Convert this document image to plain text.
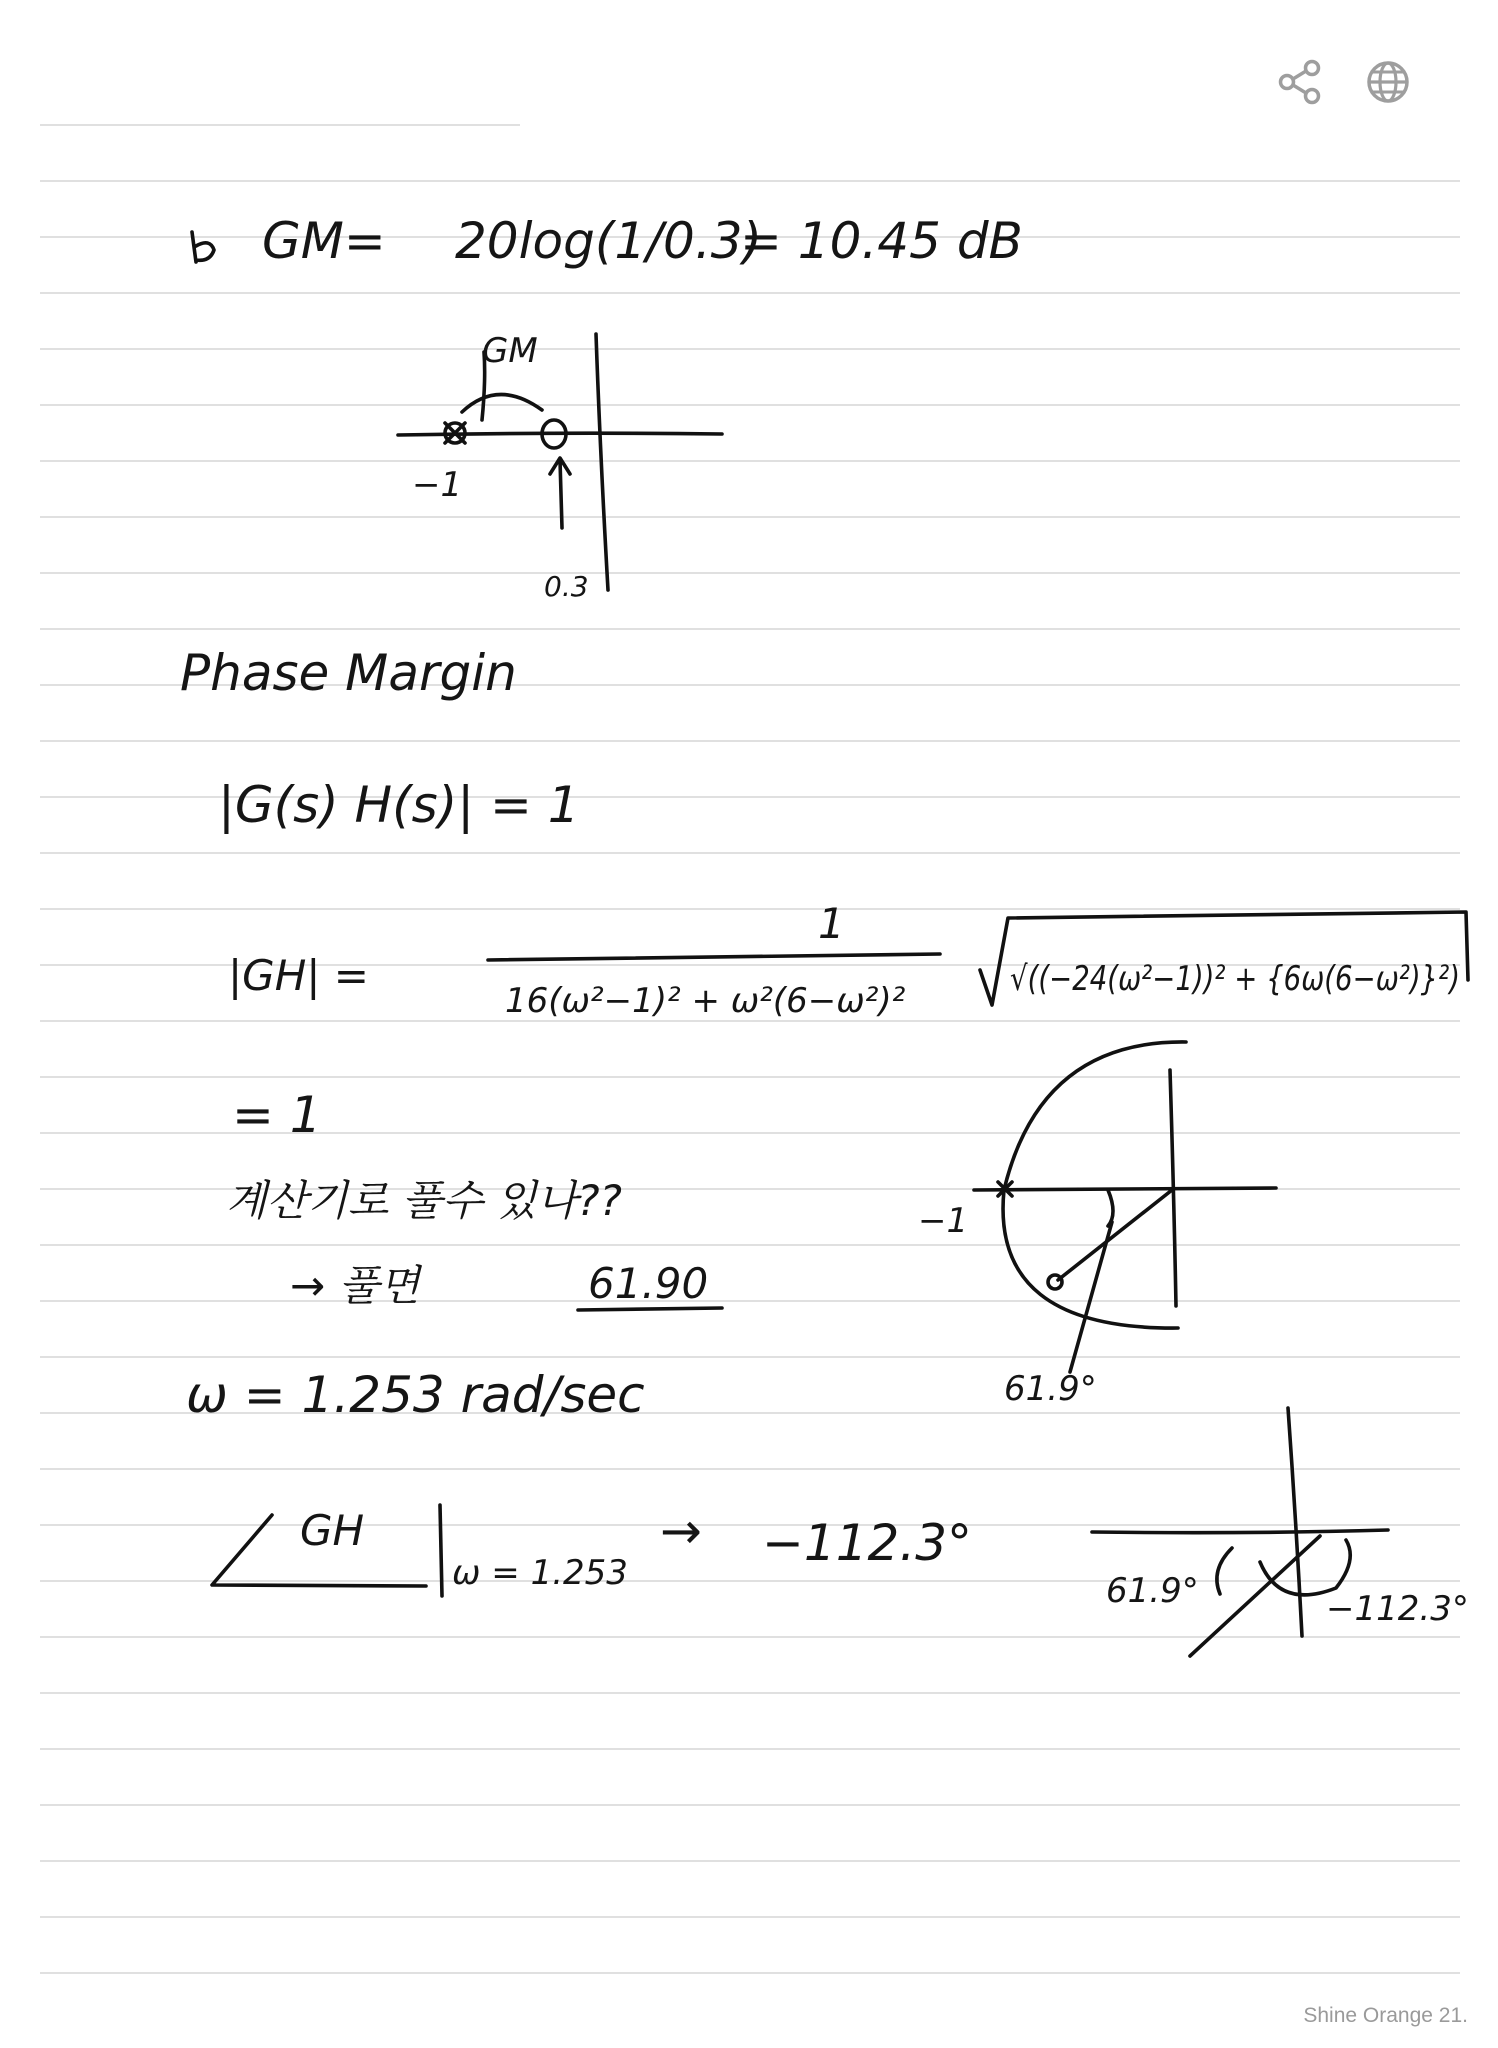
GM= 20log(1/0.3)
= 10.45 dB
GM
−1
0.3
Phase Margin
|G(s) H(s)| = 1
|GH| =
1
16(ω²−1)² + ω²(6−ω²)²
√((−24(ω²−1))² + {6ω(6−ω²)}²)
= 1
계산기로 풀수 있나??
→ 풀면	61.90
−1
61.9°
ω = 1.253 rad/sec
GH
ω = 1.253
→ −112.3°
61.9°	−112.3°
Shine Orange 21.
